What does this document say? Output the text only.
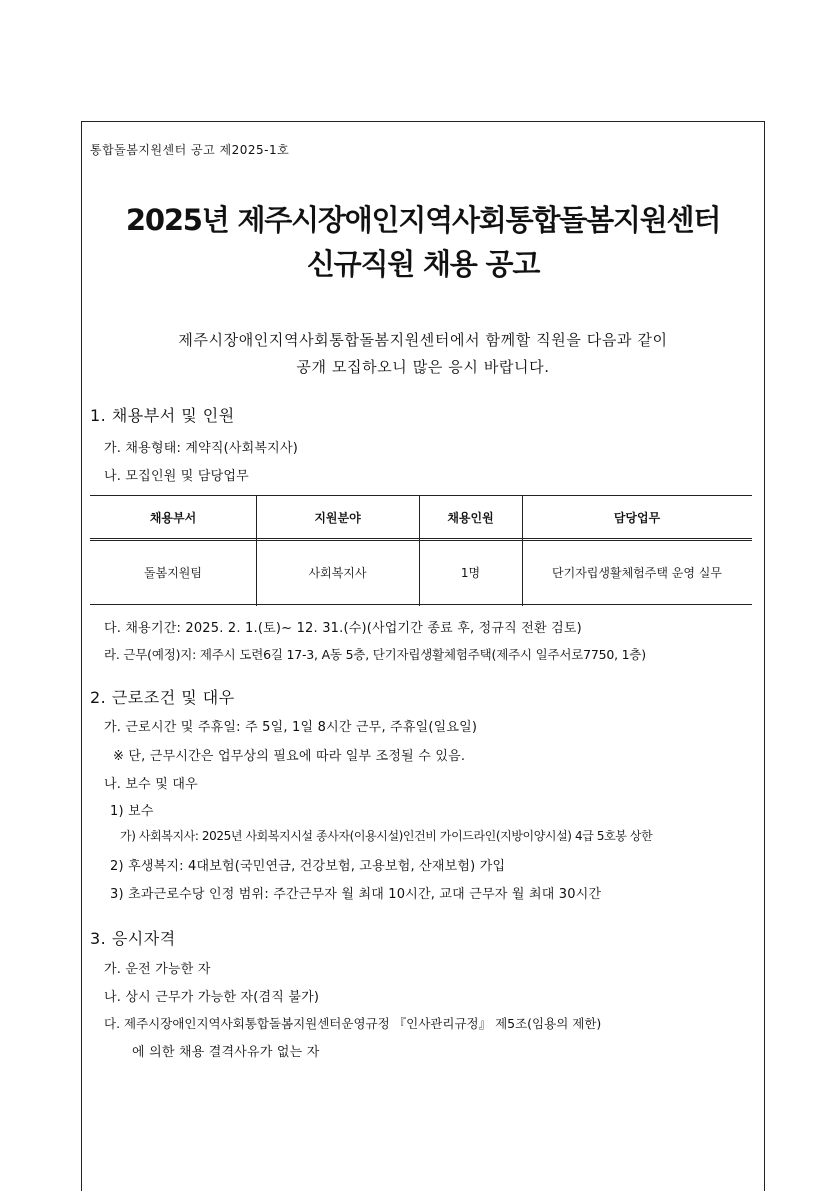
통합돌봄지원센터 공고 제2025-1호
2025년 제주시장애인지역사회통합돌봄지원센터
신규직원 채용 공고
제주시장애인지역사회통합돌봄지원센터에서 함께할 직원을 다음과 같이
공개 모집하오니 많은 응시 바랍니다.
1. 채용부서 및 인원
가. 채용형태: 계약직(사회복지사)
나. 모집인원 및 담당업무
채용부서	지원분야	채용인원	담당업무
돌봄지원팀	사회복지사	1명	단기자립생활체험주택 운영 실무
다. 채용기간: 2025. 2. 1.(토)~ 12. 31.(수)(사업기간 종료 후, 정규직 전환 검토)
라. 근무(예정)지: 제주시 도련6길 17-3, A동 5층, 단기자립생활체험주택(제주시 일주서로7750, 1층)
2. 근로조건 및 대우
가. 근로시간 및 주휴일: 주 5일, 1일 8시간 근무, 주휴일(일요일)
※ 단, 근무시간은 업무상의 필요에 따라 일부 조정될 수 있음.
나. 보수 및 대우
1) 보수
가) 사회복지사: 2025년 사회복지시설 종사자(이용시설)인건비 가이드라인(지방이양시설) 4급 5호봉 상한
2) 후생복지: 4대보험(국민연금, 건강보험, 고용보험, 산재보험) 가입
3) 초과근로수당 인정 범위: 주간근무자 월 최대 10시간, 교대 근무자 월 최대 30시간
3. 응시자격
가. 운전 가능한 자
나. 상시 근무가 가능한 자(겸직 불가)
다. 제주시장애인지역사회통합돌봄지원센터운영규정 『인사관리규정』 제5조(임용의 제한)
에 의한 채용 결격사유가 없는 자
